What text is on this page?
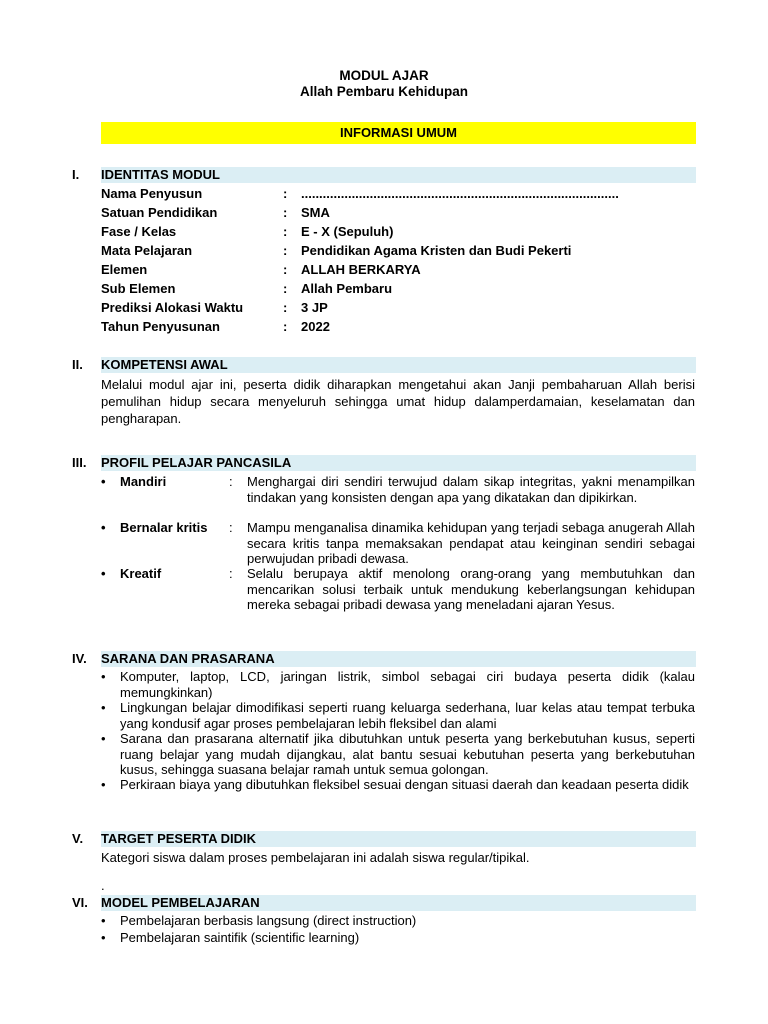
MODUL AJAR
Allah Pembaru Kehidupan
INFORMASI UMUM
I. IDENTITAS MODUL
Nama Penyusun	: ........................................................................................
Satuan Pendidikan	: SMA
Fase / Kelas	: E - X (Sepuluh)
Mata Pelajaran	: Pendidikan Agama Kristen dan Budi Pekerti
Elemen	: ALLAH BERKARYA
Sub Elemen	: Allah Pembaru
Prediksi Alokasi Waktu	: 3 JP
Tahun Penyusunan	: 2022
II. KOMPETENSI AWAL

Melalui modul ajar ini, peserta didik diharapkan mengetahui akan Janji pembaharuan Allah berisi pemulihan hidup secara menyeluruh sehingga umat hidup dalamperdamaian, keselamatan dan pengharapan.

III. PROFIL PELAJAR PANCASILA
• Mandiri	: Menghargai diri sendiri terwujud dalam sikap integritas, yakni menampilkan tindakan yang konsisten dengan apa yang dikatakan dan dipikirkan.

• Bernalar kritis : Mampu menganalisa dinamika kehidupan yang terjadi sebaga anugerah Allah secara kritis tanpa memaksakan pendapat atau keinginan sendiri sebagai perwujudan pribadi dewasa.

• Kreatif	: Selalu berupaya aktif menolong orang-orang yang membutuhkan dan mencarikan solusi terbaik untuk mendukung keberlangsungan kehidupan mereka sebagai pribadi dewasa yang meneladani ajaran Yesus.

IV. SARANA DAN PRASARANA
• Komputer, laptop, LCD, jaringan listrik, simbol sebagai ciri budaya peserta didik (kalau memungkinkan)

• Lingkungan belajar dimodifikasi seperti ruang keluarga sederhana, luar kelas atau tempat terbuka yang kondusif agar proses pembelajaran lebih fleksibel dan alami

• Sarana dan prasarana alternatif jika dibutuhkan untuk peserta yang berkebutuhan kusus, seperti ruang belajar yang mudah dijangkau, alat bantu sesuai kebutuhan peserta yang berkebutuhan kusus, sehingga suasana belajar ramah untuk semua golongan.

• Perkiraan biaya yang dibutuhkan fleksibel sesuai dengan situasi daerah dan keadaan peserta didik

V. TARGET PESERTA DIDIK

Kategori siswa dalam proses pembelajaran ini adalah siswa regular/tipikal.

.
VI. MODEL PEMBELAJARAN
• Pembelajaran berbasis langsung (direct instruction)

• Pembelajaran saintifik (scientific learning)
